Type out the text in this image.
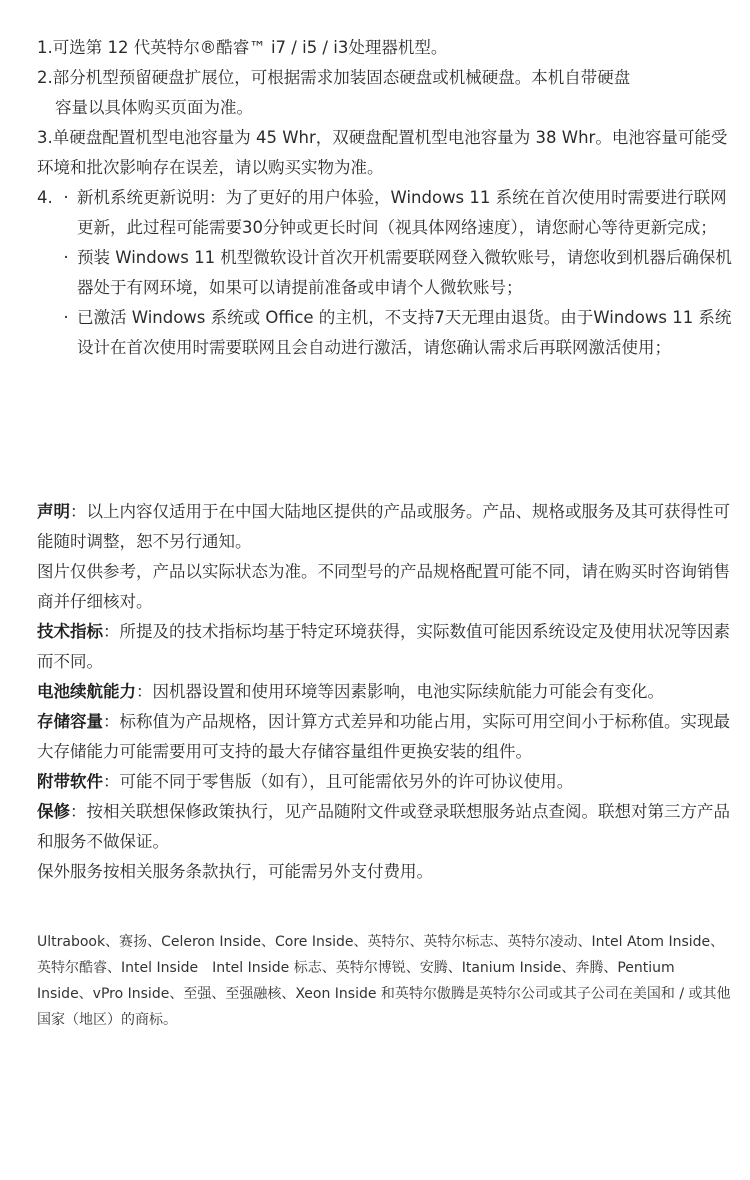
1.可选第 12 代英特尔®酷睿™ i7 / i5 / i3处理器机型。

2.部分机型预留硬盘扩展位，可根据需求加装固态硬盘或机械硬盘。本机自带硬盘

容量以具体购买页面为准。

3.单硬盘配置机型电池容量为 45 Whr，双硬盘配置机型电池容量为 38 Whr。电池容量可能受环境和批次影响存在误差，请以购买实物为准。

4. · 新机系统更新说明：为了更好的用户体验，Windows 11 系统在首次使用时需要进行联网更新，此过程可能需要30分钟或更长时间（视具体网络速度），请您耐心等待更新完成；
· 预装 Windows 11 机型微软设计首次开机需要联网登入微软账号，请您收到机器后确保机器处于有网环境，如果可以请提前准备或申请个人微软账号；
· 已激活 Windows 系统或 Office 的主机，不支持7天无理由退货。由于Windows 11 系统设计在首次使用时需要联网且会自动进行激活，请您确认需求后再联网激活使用；

声明：以上内容仅适用于在中国大陆地区提供的产品或服务。产品、规格或服务及其可获得性可能随时调整，恕不另行通知。

图片仅供参考，产品以实际状态为准。不同型号的产品规格配置可能不同，请在购买时咨询销售商并仔细核对。

技术指标：所提及的技术指标均基于特定环境获得，实际数值可能因系统设定及使用状况等因素而不同。

电池续航能力：因机器设置和使用环境等因素影响，电池实际续航能力可能会有变化。

存储容量：标称值为产品规格，因计算方式差异和功能占用，实际可用空间小于标称值。实现最大存储能力可能需要用可支持的最大存储容量组件更换安装的组件。

附带软件：可能不同于零售版（如有），且可能需依另外的许可协议使用。

保修：按相关联想保修政策执行，见产品随附文件或登录联想服务站点查阅。联想对第三方产品和服务不做保证。

保外服务按相关服务条款执行，可能需另外支付费用。

Ultrabook、赛扬、Celeron Inside、Core Inside、英特尔、英特尔标志、英特尔凌动、Intel Atom Inside、英特尔酷睿、Intel Inside　Intel Inside 标志、英特尔博锐、安腾、Itanium Inside、奔腾、Pentium Inside、vPro Inside、至强、至强融核、Xeon Inside 和英特尔傲腾是英特尔公司或其子公司在美国和 / 或其他国家（地区）的商标。
